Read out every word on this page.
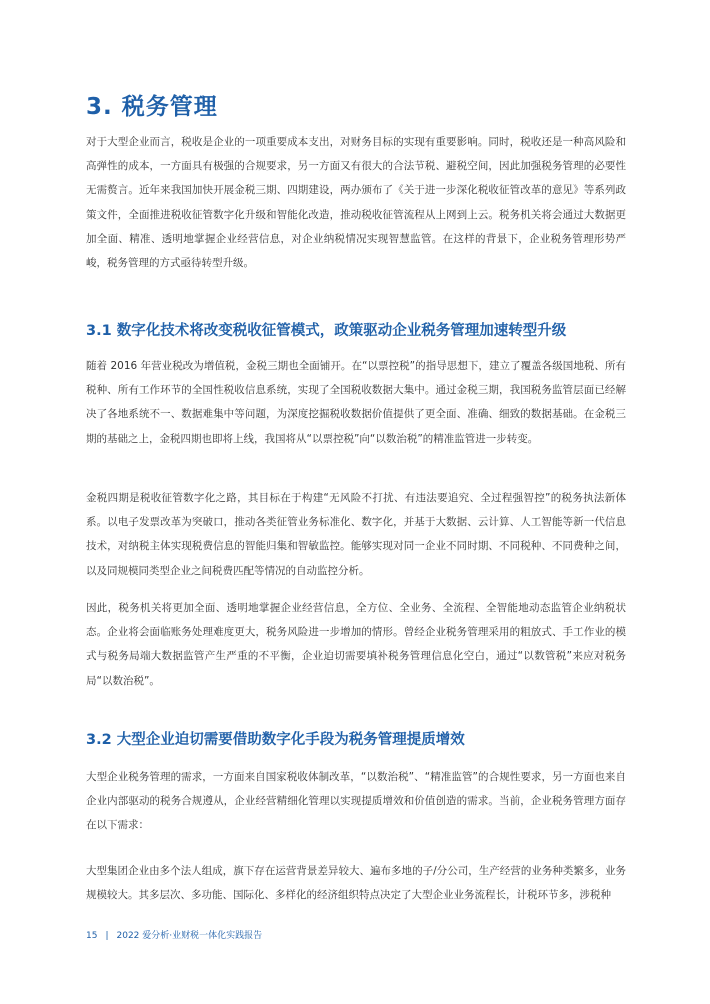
3. 税务管理

对于大型企业而言，税收是企业的一项重要成本支出，对财务目标的实现有重要影响。同时，税收还是一种高风险和高弹性的成本，一方面具有极强的合规要求，另一方面又有很大的合法节税、避税空间，因此加强税务管理的必要性无需赘言。近年来我国加快开展金税三期、四期建设，两办颁布了《关于进一步深化税收征管改革的意见》等系列政策文件，全面推进税收征管数字化升级和智能化改造，推动税收征管流程从上网到上云。税务机关将会通过大数据更加全面、精准、透明地掌握企业经营信息，对企业纳税情况实现智慧监管。在这样的背景下，企业税务管理形势严峻，税务管理的方式亟待转型升级。

3.1 数字化技术将改变税收征管模式，政策驱动企业税务管理加速转型升级

随着 2016 年营业税改为增值税，金税三期也全面铺开。在“以票控税”的指导思想下，建立了覆盖各级国地税、所有税种、所有工作环节的全国性税收信息系统，实现了全国税收数据大集中。通过金税三期，我国税务监管层面已经解决了各地系统不一、数据难集中等问题，为深度挖掘税收数据价值提供了更全面、准确、细致的数据基础。在金税三期的基础之上，金税四期也即将上线，我国将从“以票控税”向“以数治税”的精准监管进一步转变。

金税四期是税收征管数字化之路，其目标在于构建“无风险不打扰、有违法要追究、全过程强智控”的税务执法新体系。以电子发票改革为突破口，推动各类征管业务标准化、数字化，并基于大数据、云计算、人工智能等新一代信息技术，对纳税主体实现税费信息的智能归集和智敏监控。能够实现对同一企业不同时期、不同税种、不同费种之间，以及同规模同类型企业之间税费匹配等情况的自动监控分析。

因此，税务机关将更加全面、透明地掌握企业经营信息，全方位、全业务、全流程、全智能地动态监管企业纳税状态。企业将会面临账务处理难度更大，税务风险进一步增加的情形。曾经企业税务管理采用的粗放式、手工作业的模式与税务局端大数据监管产生严重的不平衡，企业迫切需要填补税务管理信息化空白，通过“以数管税”来应对税务局“以数治税”。

3.2 大型企业迫切需要借助数字化手段为税务管理提质增效

大型企业税务管理的需求，一方面来自国家税收体制改革，“以数治税”、“精准监管”的合规性要求，另一方面也来自企业内部驱动的税务合规遵从，企业经营精细化管理以实现提质增效和价值创造的需求。当前，企业税务管理方面存在以下需求：

大型集团企业由多个法人组成，旗下存在运营背景差异较大、遍布多地的子/分公司，生产经营的业务种类繁多，业务规模较大。其多层次、多功能、国际化、多样化的经济组织特点决定了大型企业业务流程长，计税环节多，涉税种

15 | 2022 爱分析·业财税一体化实践报告
